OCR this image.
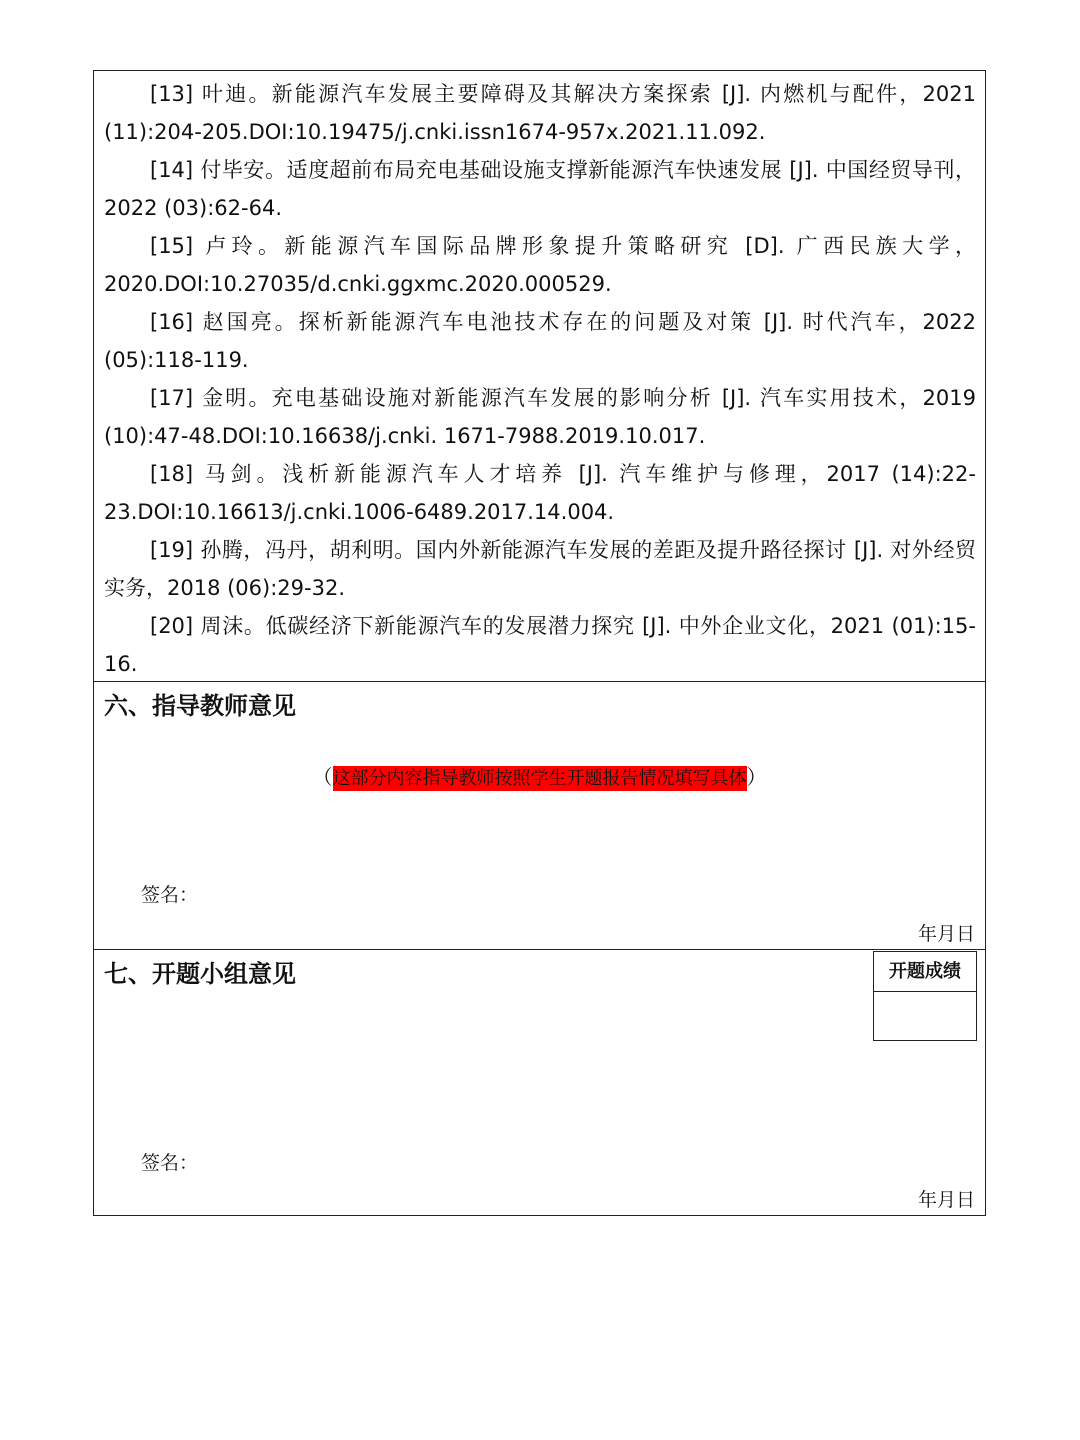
[13] 叶迪。新能源汽车发展主要障碍及其解决方案探索 [J]. 内燃机与配件，2021 (11):204-205.DOI:10.19475/j.cnki.issn1674-957x.2021.11.092.
[14] 付毕安。适度超前布局充电基础设施支撑新能源汽车快速发展 [J]. 中国经贸导刊，2022 (03):62-64.
[15] 卢玲。新能源汽车国际品牌形象提升策略研究 [D]. 广西民族大学，2020.DOI:10.27035/d.cnki.ggxmc.2020.000529.
[16] 赵国亮。探析新能源汽车电池技术存在的问题及对策 [J]. 时代汽车，2022 (05):118-119.
[17] 金明。充电基础设施对新能源汽车发展的影响分析 [J]. 汽车实用技术，2019 (10):47-48.DOI:10.16638/j.cnki. 1671-7988.2019.10.017.
[18] 马剑。浅析新能源汽车人才培养 [J]. 汽车维护与修理，2017 (14):22-23.DOI:10.16613/j.cnki.1006-6489.2017.14.004.
[19] 孙腾，冯丹，胡利明。国内外新能源汽车发展的差距及提升路径探讨 [J]. 对外经贸实务，2018 (06):29-32.
[20] 周沫。低碳经济下新能源汽车的发展潜力探究 [J]. 中外企业文化，2021 (01):15-16.
六、指导教师意见
（这部分内容指导教师按照学生开题报告情况填写具体）
签名：
年月日
七、开题小组意见	开题成绩
签名：
年月日
